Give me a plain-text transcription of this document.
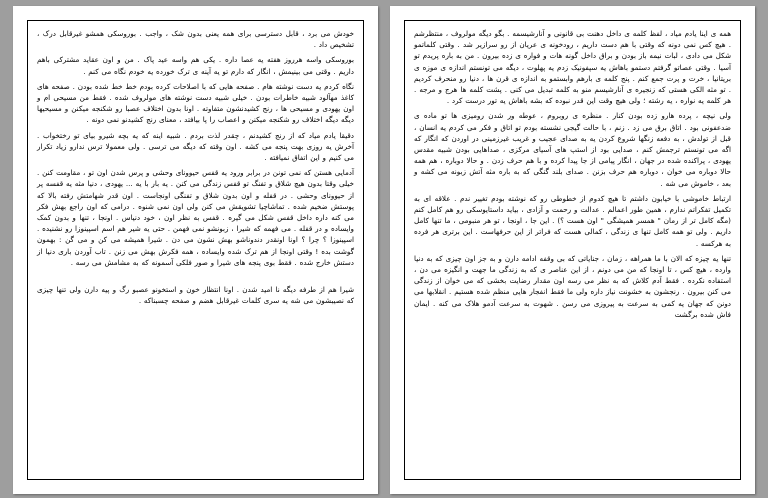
خودش می برد ، قابل دسترسی برای همه یعنی بدون شک ، واجب . بوروسکی همشو غیرقابل درک ، تشخیص داد .

بوروسکی واسه هرروز هفته یه عصا داره . یکی هم واسه عید پاک . من و اون عقاید مشترکی باهم داریم . وقتی می بینیمش ، انگار که دارم تو یه آینه ی ترک خورده یه خودم نگاه می کنم .

نگاه کردم یه دست نوشته هام . صفحه هایی که با اصلاحات کرده بودم خط خط شده بودن . صفحه های کاغذ مهآلود شبیه خاطرات بودن . خیلی شبیه دست نوشته های مولروف شده . فقط من مسیحی ام و اون یهودی و مسیحی ها ، رنج کشیدنشون متفاوته . اونا بدون اختلاف عصبا رو شکنجه میکنن و مسیحیها دیگه دیگه اختلاف رو شکنجه میکنن و اعصاب را پا بیافتد ، معنای رنج کشیدنو نمی دونه .

دقیقا یادم میاد که از رنج کشیدنم ، چقدر لذت بردم . شبیه اینه که یه بچه شیرو بیای تو رختخواب . آخرش یه روزی بهت پنجه می کشه . اون وقته که دیگه می ترسی . ولی معمولا ترس ندارو زیاد تکرار می کنیم و این اتفاق نمیافته .

آدمایی هستن که نمی تونن در برابر ورود یه قفس حیوونای وحشی و پرس شدن اون تو ، مقاومت کنن . خیلی وقتا بدون هیچ شلاق و تفنگ تو قفس زندگی می کنن . یه بار با یه ... یهودی ، دنیا مثه یه قفسه پر از حیوونای وحشی . در قفله و اون بدون شلاق و تفنگی اونجاست . اون قدر شهامتش رفته بالا که پوستش ضخیم شده . تماشاچیا تشویقش می کنن ولی اون نمی شنوه . درامی که اون راجع بهش فکر می کنه داره داخل قفس شکل می گیره . قفس به نظر اون ، خود دنیاس . اونجا ، تنها و بدون کمک وایساده و در قفله . می فهمه که شیرا ، زبونشو نمی فهمن . حتی یه شیر هم اسم اسپینوزا رو نشنیده . اسپینوزا ؟ چرا ؟ اونا اونقدر دندوناشو بهش نشون می دن . شیرا همیشه می کن و می گن : بهمون گوشت بده ! وقتی اونجا از هم ترک شده وایساده ، همه فکرش بهش می زنن . تاب آوردن باری دنیا از دستش خارج شده . فقط بوی پنجه های شیرا و صور فلکی آسمونه که به مشامش می رسه .

شیرا هم از طرفه دیگه نا امید شدن . اونا انتظار خون و استخونو عصبو رگ و پیه دارن ولی تنها چیزی که نصیبشون می شه یه سری کلمات غیرقابل هضم و صفحه چسبناکه .

همه ی اینا یادم میاد ، لفظ کلمه ی داخل دهنت بی قانونی و آنارشیسمه . بگو دیگه مولروف ، منتظرشم . هیچ کس نمی دونه که وقتی با هم دست داریم ، رودخونه ی عریان از رو سرازیر شد . وقتی کلماتمو شکل می دادی ، لبات نیمه باز بودن و براق داخل گونه هات و فواره ی زده بیرون . من به باره پریدم تو آسیا . وقتی عصاتو گرفتم دستمو باهاش یه سپفونیک زدم یه پهلوت ، دیگه می تونستم اندازه ی موزه ی بریتانیا ، خرت و پرت جمع کنم . پنج کلمه ی بارهم وابستمو به اندازه ی قرن ها ، دنیا رو منحرف کردیم . تو مثه الکی هستی که زنجیره ی آنارشیسم منو به کلمه تبدیل می کنی . پشت کلمه ها هرج و مرجه . هر کلمه یه نواره ، یه رشته ؛ ولی هیچ وقت این قدر نبوده که بشه باهاش یه تور درست کرد .

ولی نیچه ، پرده هارو زده بودن کنار . منظره ی روبروم ، عوطه ور شدن رومیزی ها تو ماده ی ضدعفونی بود . اتاق برق می زد . زنم ، با حالت گیجی نشسته بودم تو اتاق و فکر می کردم یه انسان ، قبل از تولدش ، به دفعه زنگها شروع کردن یه به صدای عجیب و غریب غیرزمینی در اوردن که انگار که اگه می تونستم ترجمش کنم ، صدایی بود از استپ های آسیای مرکزی ، صداهایی بودن شبیه مقدس یهودی ، پراکنده شده در جهان ، انگار پیامی از جا پیدا کرده و با هم حرف زدن . و حالا دوباره ، هم همه حالا دوباره می خوان ، دوباره هم حرف بزنن . صدای بلند گنگی که به باره مثه آتش زبونه می کشه و بعد ، خاموش می شه .

ارتباط خاموشی با خیابون داشتم تا هیچ کدوم از خطوطی رو که نوشته بودم تغییر ندم . علاقه ای به تکمیل تفکراتم ندارم ، همین طور اعمالم . عدالت و رحمت و آزادی ، بیاید داستایوسکی رو هم کامل کنم (مگه کامل تر از رمان " همسر همیشگی " اون هست ؟) . این جا ، اونجا ، تو هر منبومی ، ما تنها کامل داریم . ولی تو همه کامل تنها ی زندگی ، کمالی هست که فراتر از این حرفهاست . این برتری هر فرده به هرکسه .

تنها یه چیزه که الان با ما همراهه ، زمان ، جنایاتی که بی وقفه ادامه دارن و به جز اون چیزی که به دنیا وارده ، هیچ کس ، تا اونجا که من می دونم ، از این عناصر ی که به زندگی ما جهت و انگیزه می دن ، استفاده نکرده . فقط آدم کلاش که به نظر می رسه اون مقدار رضایت بخشی که می خوان از زندگی می کنن بیرون . رنجشون به خشونت نیاز داره ولی ما فقط انفجار هایی منظم شده هستیم . انقلابها می دونن که جهان یه کمی به سرعت به پیروزی می رسن . شهوت به سرعت آدمو هلاک می کنه . ایمان فاش شده برگشت
